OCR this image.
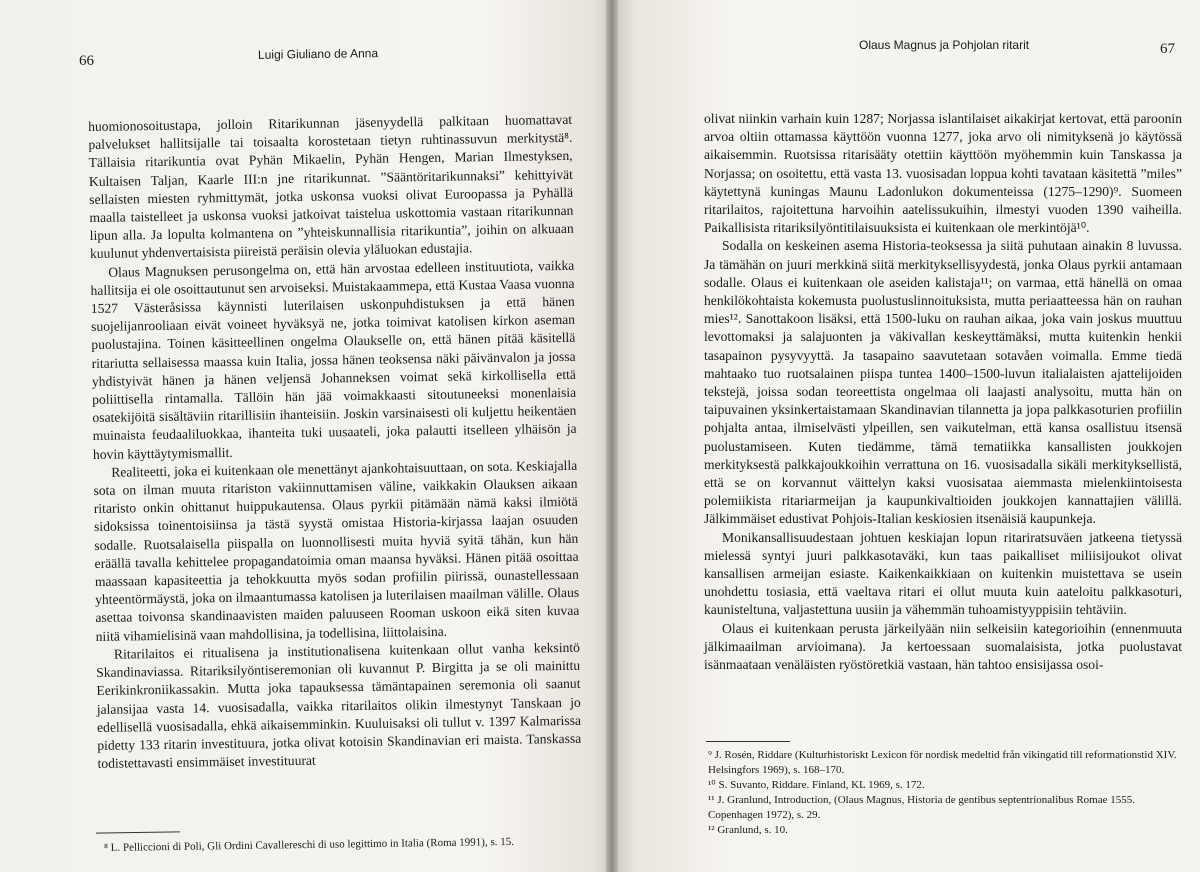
66	Luigi Giuliano de Anna

huomionosoitustapa, jolloin Ritarikunnan jäsenyydellä palkitaan huomattavat palvelukset hallitsijalle tai toisaalta korostetaan tietyn ruhtinassuvun merkitystä⁸. Tällaisia ritarikuntia ovat Pyhän Mikaelin, Pyhän Hengen, Marian Ilmestyksen, Kultaisen Taljan, Kaarle III:n jne ritarikunnat. ”Sääntöritarikunnaksi” kehittyivät sellaisten miesten ryhmittymät, jotka uskonsa vuoksi olivat Euroopassa ja Pyhällä maalla taistelleet ja uskonsa vuoksi jatkoivat taistelua uskottomia vastaan ritarikunnan lipun alla. Ja lopulta kolmantena on ”yhteiskunnallisia ritarikuntia”, joihin on alkuaan kuulunut yhdenvertaisista piireistä peräisin olevia yläluokan edustajia.

Olaus Magnuksen perusongelma on, että hän arvostaa edelleen instituutiota, vaikka hallitsija ei ole osoittautunut sen arvoiseksi. Muistakaammepa, että Kustaa Vaasa vuonna 1527 Västeråsissa käynnisti luterilaisen uskonpuhdistuksen ja että hänen suojelijanrooliaan eivät voineet hyväksyä ne, jotka toimivat katolisen kirkon aseman puolustajina. Toinen käsitteellinen ongelma Olaukselle on, että hänen pitää käsitellä ritariutta sellaisessa maassa kuin Italia, jossa hänen teoksensa näki päivänvalon ja jossa yhdistyivät hänen ja hänen veljensä Johanneksen voimat sekä kirkollisella että poliittisella rintamalla. Tällöin hän jää voimakkaasti sitoutuneeksi monenlaisia osatekijöitä sisältäviin ritarillisiin ihanteisiin. Joskin varsinaisesti oli kuljettu heikentäen muinaista feudaaliluokkaa, ihanteita tuki uusaateli, joka palautti itselleen ylhäisön ja hovin käyttäytymismallit.

Realiteetti, joka ei kuitenkaan ole menettänyt ajankohtaisuuttaan, on sota. Keskiajalla sota on ilman muuta ritariston vakiinnuttamisen väline, vaikkakin Olauksen aikaan ritaristo onkin ohittanut huippukautensa. Olaus pyrkii pitämään nämä kaksi ilmiötä sidoksissa toinentoisiinsa ja tästä syystä omistaa Historia-kirjassa laajan osuuden sodalle. Ruotsalaisella piispalla on luonnollisesti muita hyviä syitä tähän, kun hän eräällä tavalla kehittelee propagandatoimia oman maansa hyväksi. Hänen pitää osoittaa maassaan kapasiteettia ja tehokkuutta myös sodan profiilin piirissä, ounastellessaan yhteentörmäystä, joka on ilmaantumassa katolisen ja luterilaisen maailman välille. Olaus asettaa toivonsa skandinaavisten maiden paluuseen Rooman uskoon eikä siten kuvaa niitä vihamielisinä vaan mahdollisina, ja todellisina, liittolaisina.

Ritarilaitos ei ritualisena ja institutionalisena kuitenkaan ollut vanha keksintö Skandinaviassa. Ritariksilyöntiseremonian oli kuvannut P. Birgitta ja se oli mainittu Eerikinkroniikassakin. Mutta joka tapauksessa tämäntapainen seremonia oli saanut jalansijaa vasta 14. vuosisadalla, vaikka ritarilaitos olikin ilmestynyt Tanskaan jo edellisellä vuosisadalla, ehkä aikaisemminkin. Kuuluisaksi oli tullut v. 1397 Kalmarissa pidetty 133 ritarin investituura, jotka olivat kotoisin Skandinavian eri maista. Tanskassa todistettavasti ensimmäiset investituurat

⁸ L. Pelliccioni di Poli, Gli Ordini Cavallereschi di uso legittimo in Italia (Roma 1991), s. 15.
Olaus Magnus ja Pohjolan ritarit	67

olivat niinkin varhain kuin 1287; Norjassa islantilaiset aikakirjat kertovat, että paroonin arvoa oltiin ottamassa käyttöön vuonna 1277, joka arvo oli nimityksenä jo käytössä aikaisemmin. Ruotsissa ritarisääty otettiin käyttöön myöhemmin kuin Tanskassa ja Norjassa; on osoitettu, että vasta 13. vuosisadan loppua kohti tavataan käsitettä ”miles” käytettynä kuningas Maunu Ladonlukon dokumenteissa (1275–1290)⁹. Suomeen ritarilaitos, rajoitettuna harvoihin aatelissukuihin, ilmestyi vuoden 1390 vaiheilla. Paikallisista ritariksilyöntitilaisuuksista ei kuitenkaan ole merkintöjä¹⁰.

Sodalla on keskeinen asema Historia-teoksessa ja siitä puhutaan ainakin 8 luvussa. Ja tämähän on juuri merkkinä siitä merkityksellisyydestä, jonka Olaus pyrkii antamaan sodalle. Olaus ei kuitenkaan ole aseiden kalistaja¹¹; on varmaa, että hänellä on omaa henkilökohtaista kokemusta puolustuslinnoituksista, mutta periaatteessa hän on rauhan mies¹². Sanottakoon lisäksi, että 1500-luku on rauhan aikaa, joka vain joskus muuttuu levottomaksi ja salajuonten ja väkivallan keskeyttämäksi, mutta kuitenkin henkii tasapainon pysyvyyttä. Ja tasapaino saavutetaan sotavåen voimalla. Emme tiedä mahtaako tuo ruotsalainen piispa tuntea 1400–1500-luvun italialaisten ajattelijoiden tekstejä, joissa sodan teoreettista ongelmaa oli laajasti analysoitu, mutta hän on taipuvainen yksinkertaistamaan Skandinavian tilannetta ja jopa palkkasoturien profiilin pohjalta antaa, ilmiselvästi ylpeillen, sen vaikutelman, että kansa osallistuu itsensä puolustamiseen. Kuten tiedämme, tämä tematiikka kansallisten joukkojen merkityksestä palkkajoukkoihin verrattuna on 16. vuosisadalla sikäli merkityksellistä, että se on korvannut väittelyn kaksi vuosisataa aiemmasta mielenkiintoisesta polemiikista ritariarmeijan ja kaupunkivaltioiden joukkojen kannattajien välillä. Jälkimmäiset edustivat Pohjois-Italian keskiosien itsenäisiä kaupunkeja.

Monikansallisuudestaan johtuen keskiajan lopun ritariratsuväen jatkeena tietyssä mielessä syntyi juuri palkkasotaväki, kun taas paikalliset miliisijoukot olivat kansallisen armeijan esiaste. Kaikenkaikkiaan on kuitenkin muistettava se usein unohdettu tosiasia, että vaeltava ritari ei ollut muuta kuin aateloitu palkkasoturi, kaunisteltuna, valjastettuna uusiin ja vähemmän tuhoamistyyppisiin tehtäviin.

Olaus ei kuitenkaan perusta järkeilyään niin selkeisiin kategorioihin (ennenmuuta jälkimaailman arvioimana). Ja kertoessaan suomalaisista, jotka puolustavat isänmaataan venäläisten ryöstöretkiä vastaan, hän tahtoo ensisijassa osoi-

⁹ J. Rosén, Riddare (Kulturhistoriskt Lexicon för nordisk medeltid från vikingatid till reformationstid XIV. Helsingfors 1969), s. 168–170.
¹⁰ S. Suvanto, Riddare. Finland, KL 1969, s. 172.
¹¹ J. Granlund, Introduction, (Olaus Magnus, Historia de gentibus septentrionalibus Romae 1555. Copenhagen 1972), s. 29.
¹² Granlund, s. 10.
